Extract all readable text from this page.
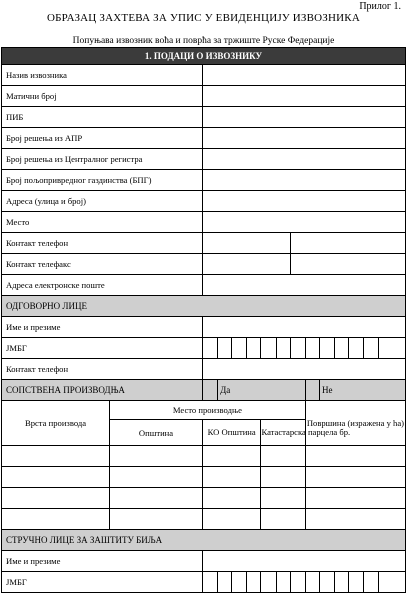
Прилог 1.
ОБРАЗАЦ ЗАХТЕВА ЗА УПИС У ЕВИДЕНЦИЈУ ИЗВОЗНИКА
Попуњава извозник воћа и поврћа за тржиште Руске Федерације
1. ПОДАЦИ О ИЗВОЗНИКУ														
Назив извозника														
Матични број														
ПИБ														
Број решења из АПР														
Број решења из Централног регистра														
Број пољопривредног газдинства (БПГ)														
Адреса (улица и број)														
Место														
Контакт телефон														
Контакт телефакс														
Адреса електронске поште														
ОДГОВОРНО ЛИЦЕ														
Име и презиме														
ЈМБГ														
Контакт телефон														
СОПСТВЕНА ПРОИЗВОДЊА			Да							Не				
Врста производа	Место производње								Површина (изражена у ha)					
	Општина	КО Општина				Катастарска парцела бр.								

СТРУЧНО ЛИЦЕ ЗА ЗАШТИТУ БИЉА														
Име и презиме														
ЈМБГ														
